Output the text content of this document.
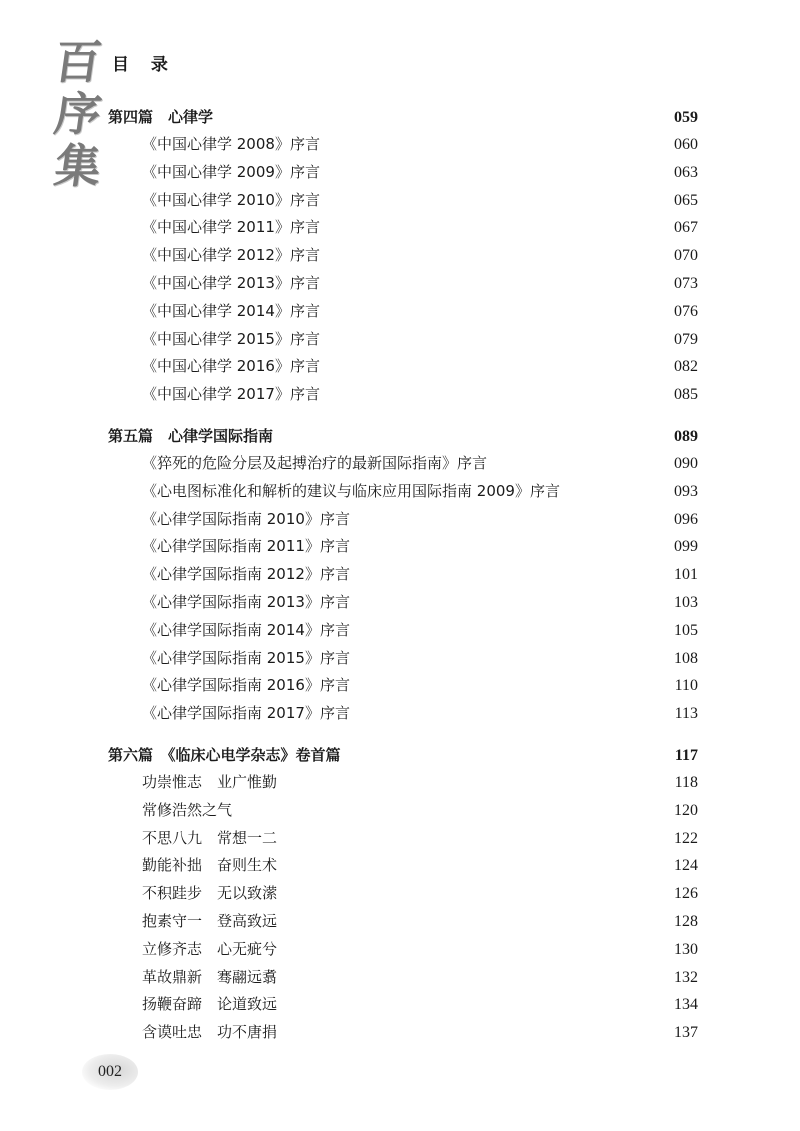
百
序
集
目 录
第四篇　心律学	059
《中国心律学 2008》序言	060
《中国心律学 2009》序言	063
《中国心律学 2010》序言	065
《中国心律学 2011》序言	067
《中国心律学 2012》序言	070
《中国心律学 2013》序言	073
《中国心律学 2014》序言	076
《中国心律学 2015》序言	079
《中国心律学 2016》序言	082
《中国心律学 2017》序言	085
第五篇　心律学国际指南	089
《猝死的危险分层及起搏治疗的最新国际指南》序言	090
《心电图标准化和解析的建议与临床应用国际指南 2009》序言	093
《心律学国际指南 2010》序言	096
《心律学国际指南 2011》序言	099
《心律学国际指南 2012》序言	101
《心律学国际指南 2013》序言	103
《心律学国际指南 2014》序言	105
《心律学国际指南 2015》序言	108
《心律学国际指南 2016》序言	110
《心律学国际指南 2017》序言	113
第六篇　《临床心电学杂志》卷首篇	117
功崇惟志　业广惟勤	118
常修浩然之气	120
不思八九　常想一二	122
勤能补拙　奋则生术	124
不积跬步　无以致潆	126
抱素守一　登高致远	128
立修齐志　心无疵兮	130
革故鼎新　骞翮远翥	132
扬鞭奋蹄　论道致远	134
含谟吐忠　功不唐捐	137
002
